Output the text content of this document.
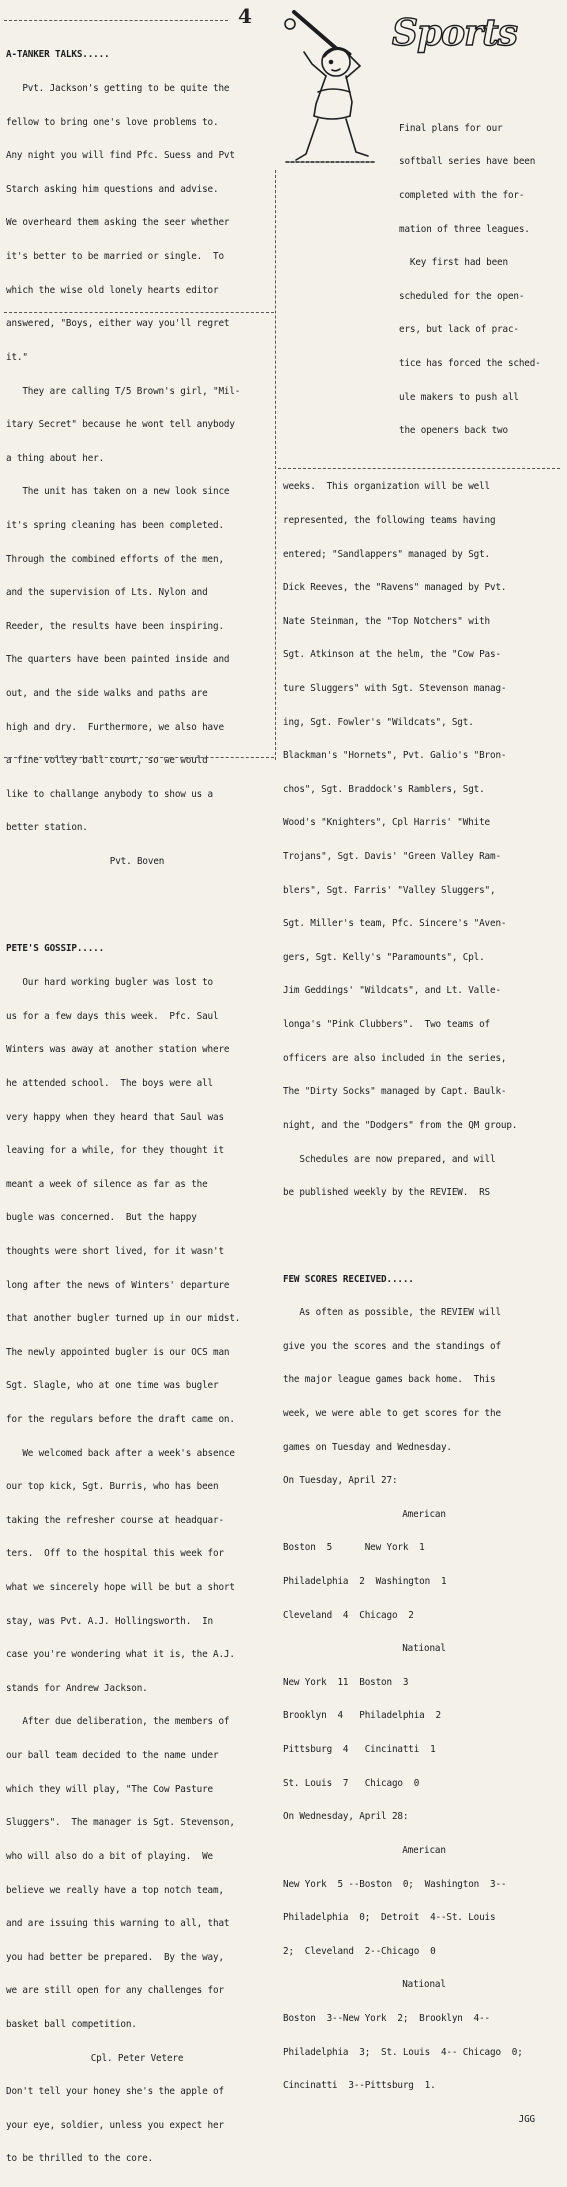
4	Sports

A-TANKER TALKS.....

Pvt. Jackson's getting to be quite the

fellow to bring one's love problems to.

Any night you will find Pfc. Suess and Pvt

Starch asking him questions and advise.

We overheard them asking the seer whether

it's better to be married or single.  To

which the wise old lonely hearts editor

answered, "Boys, either way you'll regret

it."

They are calling T/5 Brown's girl, "Mil-

itary Secret" because he wont tell anybody

a thing about her.

The unit has taken on a new look since

it's spring cleaning has been completed.

Through the combined efforts of the men,

and the supervision of Lts. Nylon and

Reeder, the results have been inspiring.

The quarters have been painted inside and

out, and the side walks and paths are

high and dry.  Furthermore, we also have

a fine volley ball court, so we would

like to challange anybody to show us a

better station.

Pvt. Boven

PETE'S GOSSIP.....

Our hard working bugler was lost to

us for a few days this week.  Pfc. Saul

Winters was away at another station where

he attended school.  The boys were all

very happy when they heard that Saul was

leaving for a while, for they thought it

meant a week of silence as far as the

bugle was concerned.  But the happy

thoughts were short lived, for it wasn't

long after the news of Winters' departure

that another bugler turned up in our midst.

The newly appointed bugler is our OCS man

Sgt. Slagle, who at one time was bugler

for the regulars before the draft came on.

We welcomed back after a week's absence

our top kick, Sgt. Burris, who has been

taking the refresher course at headquar-

ters.  Off to the hospital this week for

what we sincerely hope will be but a short

stay, was Pvt. A.J. Hollingsworth.  In

case you're wondering what it is, the A.J.

stands for Andrew Jackson.

After due deliberation, the members of

our ball team decided to the name under

which they will play, "The Cow Pasture

Sluggers".  The manager is Sgt. Stevenson,

who will also do a bit of playing.  We

believe we really have a top notch team,

and are issuing this warning to all, that

you had better be prepared.  By the way,

we are still open for any challenges for

basket ball competition.

Cpl. Peter Vetere

Don't tell your honey she's the apple of

your eye, soldier, unless you expect her

to be thrilled to the core.

Final plans for our

softball series have been

completed with the for-

mation of three leagues.

Key first had been

scheduled for the open-

ers, but lack of prac-

tice has forced the sched-

ule makers to push all

the openers back two

weeks.  This organization will be well

represented, the following teams having

entered; "Sandlappers" managed by Sgt.

Dick Reeves, the "Ravens" managed by Pvt.

Nate Steinman, the "Top Notchers" with

Sgt. Atkinson at the helm, the "Cow Pas-

ture Sluggers" with Sgt. Stevenson manag-

ing, Sgt. Fowler's "Wildcats", Sgt.

Blackman's "Hornets", Pvt. Galio's "Bron-

chos", Sgt. Braddock's Ramblers, Sgt.

Wood's "Knighters", Cpl Harris' "White

Trojans", Sgt. Davis' "Green Valley Ram-

blers", Sgt. Farris' "Valley Sluggers",

Sgt. Miller's team, Pfc. Sincere's "Aven-

gers, Sgt. Kelly's "Paramounts", Cpl.

Jim Geddings' "Wildcats", and Lt. Valle-

longa's "Pink Clubbers".  Two teams of

officers are also included in the series,

The "Dirty Socks" managed by Capt. Baulk-

night, and the "Dodgers" from the QM group.

Schedules are now prepared, and will

be published weekly by the REVIEW.  RS

FEW SCORES RECEIVED.....

As often as possible, the REVIEW will

give you the scores and the standings of

the major league games back home.  This

week, we were able to get scores for the

games on Tuesday and Wednesday.

On Tuesday, April 27:

American

Boston  5      New York  1

Philadelphia  2  Washington  1

Cleveland  4  Chicago  2

National

New York  11  Boston  3

Brooklyn  4   Philadelphia  2

Pittsburg  4   Cincinatti  1

St. Louis  7   Chicago  0

On Wednesday, April 28:

American

New York  5 --Boston  0;  Washington  3--

Philadelphia  0;  Detroit  4--St. Louis

2;  Cleveland  2--Chicago  0

National

Boston  3--New York  2;  Brooklyn  4--

Philadelphia  3;  St. Louis  4-- Chicago  0;

Cincinatti  3--Pittsburg  1.

JGG
